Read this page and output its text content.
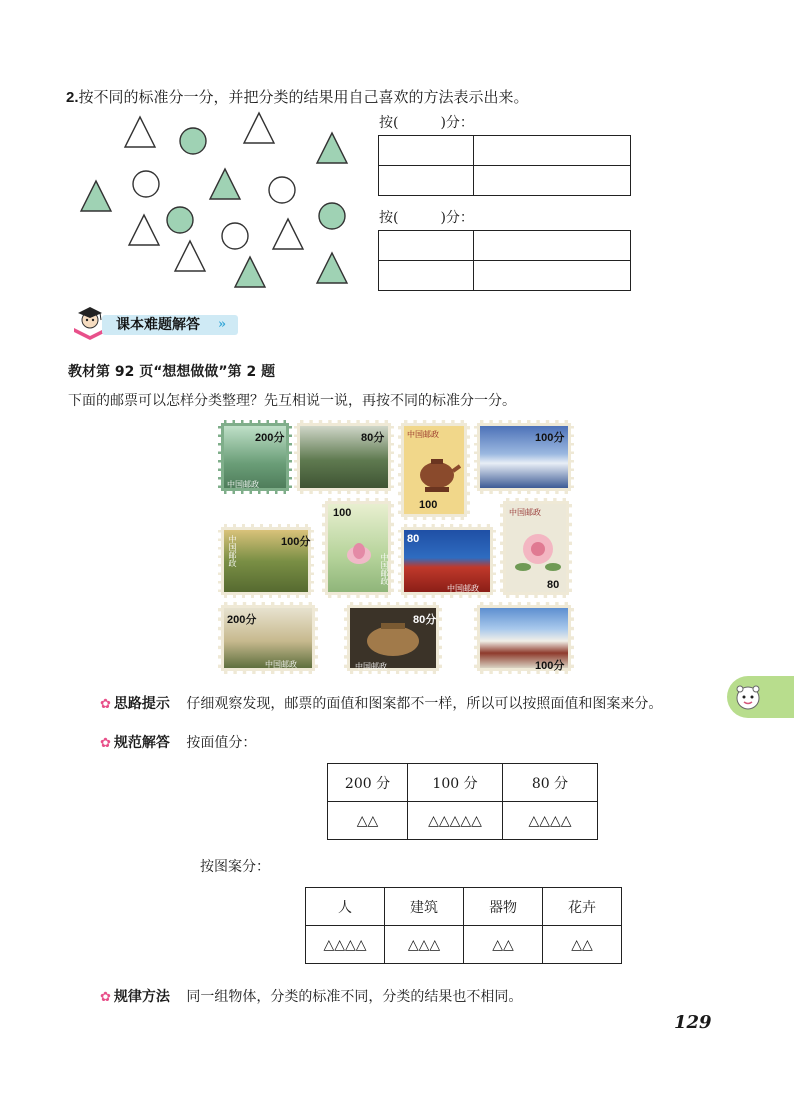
2.按不同的标准分一分，并把分类的结果用自己喜欢的方法表示出来。
按(　　　)分：

按(　　　)分：

课本难题解答 »
教材第 92 页“想想做做”第 2 题
下面的邮票可以怎样分类整理？先互相说一说，再按不同的标准分一分。
200分
中国邮政
80分	中国邮政
100
100分
100分
中国邮政
100
中国邮政
80
中国邮政
中国邮政
80
200分
中国邮政
80分
中国邮政	100分
✿ 思路提示 仔细观察发现，邮票的面值和图案都不一样，所以可以按照面值和图案来分。
✿ 规范解答 按面值分：
200 分	100 分	80 分
△△	△△△△△	△△△△
按图案分：
人	建筑	器物	花卉
△△△△	△△△	△△	△△
✿ 规律方法 同一组物体，分类的标准不同，分类的结果也不相同。
129
